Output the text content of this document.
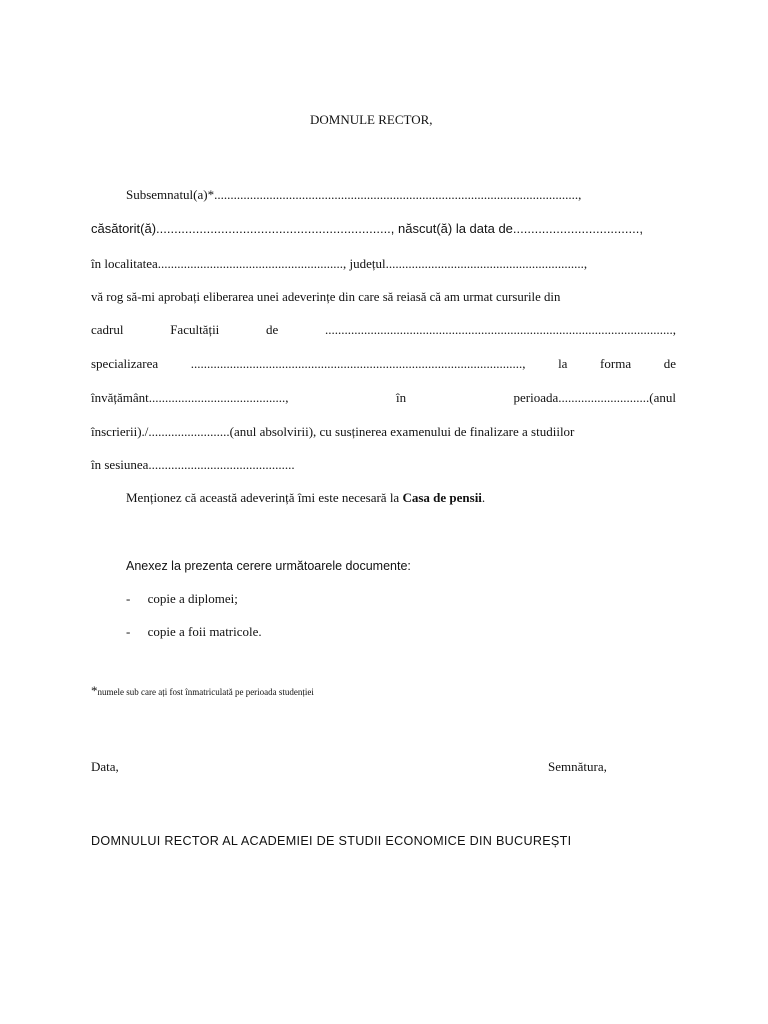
DOMNULE RECTOR,
Subsemnatul(a)*................................................................................................................,
căsătorit(ă)................................................................., născut(ă) la data de...................................,
în localitatea........................................................., județul.............................................................,
vă rog să-mi aprobați eliberarea unei adeverințe din care să reiasă că am urmat cursurile din
cadrul	Facultății	de	...........................................................................................................,
specializarea	......................................................................................................,	la	forma	de
învățământ..........................................,	în	perioada............................(anul
înscrierii)./.........................(anul absolvirii), cu susținerea examenului de finalizare a studiilor
în sesiunea.............................................
Menționez că această adeverință îmi este necesară la Casa de pensii.
Anexez la prezenta cerere următoarele documente:
- copie a diplomei;
- copie a foii matricole.
*numele sub care ați fost înmatriculată pe perioada studenției
Data,	Semnătura,
DOMNULUI RECTOR AL ACADEMIEI DE STUDII ECONOMICE DIN BUCUREȘTI
